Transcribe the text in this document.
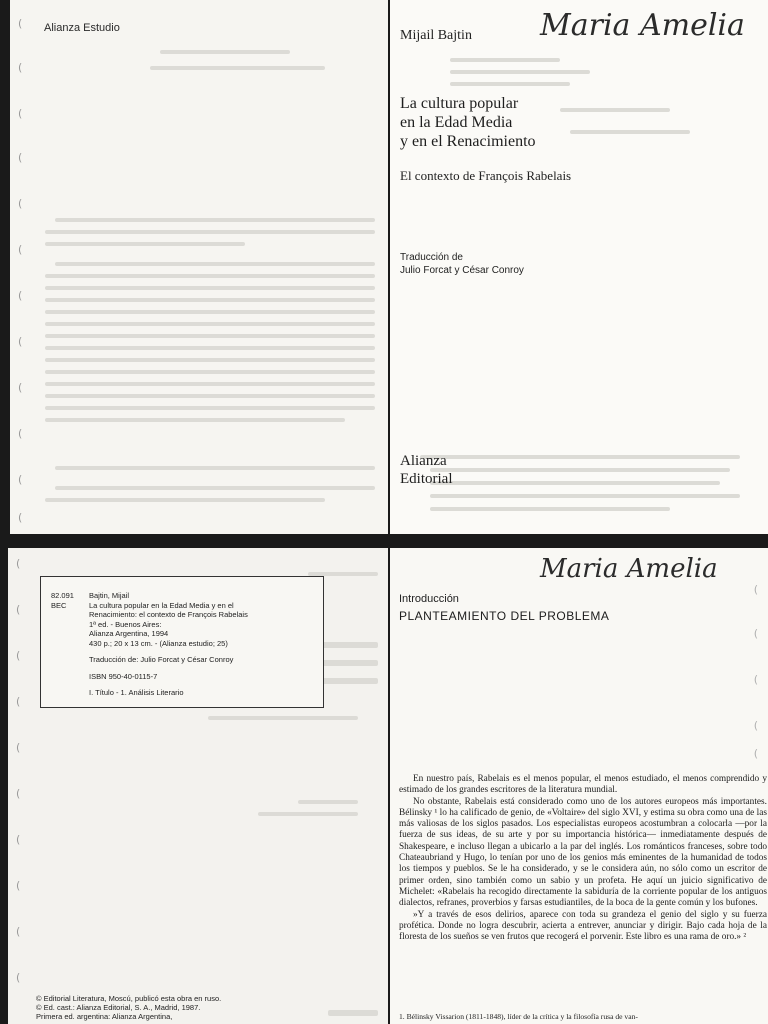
(
(
(
(
(
(
(
(
(
(
(
(
Alianza Estudio	Mijail Bajtin Maria Amelia
La cultura popular
en la Edad Media
y en el Renacimiento
El contexto de François Rabelais
Traducción de
Julio Forcat y César Conroy
Alianza
Editorial
(
(
(
(
(
(
(
(
(
(
82.091
BEC
Bajtin, Mijail
La cultura popular en la Edad Media y en el
Renacimiento: el contexto de François Rabelais
1ª ed. - Buenos Aires:
Alianza Argentina, 1994
430 p.; 20 x 13 cm. - (Alianza estudio; 25)
Traducción de: Julio Forcat y César Conroy
ISBN 950-40-0115-7
I. Título - 1. Análisis Literario
© Editorial Literatura, Moscú, publicó esta obra en ruso.
© Ed. cast.: Alianza Editorial, S. A., Madrid, 1987.
Primera ed. argentina: Alianza Argentina,
(
(
(
(
(
Maria Amelia
Introducción
PLANTEAMIENTO DEL PROBLEMA

En nuestro país, Rabelais es el menos popular, el menos estudiado, el menos comprendido y estimado de los grandes escritores de la literatura mundial.

No obstante, Rabelais está considerado como uno de los autores europeos más importantes. Bélinsky ¹ lo ha calificado de genio, de «Voltaire» del siglo XVI, y estima su obra como una de las más valiosas de los siglos pasados. Los especialistas europeos acostumbran a colocarla —por la fuerza de sus ideas, de su arte y por su importancia histórica— inmediatamente después de Shakespeare, e incluso llegan a ubicarlo a la par del inglés. Los románticos franceses, sobre todo Chateaubriand y Hugo, lo tenían por uno de los genios más eminentes de la humanidad de todos los tiempos y pueblos. Se le ha considerado, y se le considera aún, no sólo como un escritor de primer orden, sino también como un sabio y un profeta. He aquí un juicio significativo de Michelet: «Rabelais ha recogido directamente la sabiduría de la corriente popular de los antiguos dialectos, refranes, proverbios y farsas estudiantiles, de la boca de la gente común y los bufones.

»Y a través de esos delirios, aparece con toda su grandeza el genio del siglo y su fuerza profética. Donde no logra descubrir, acierta a entrever, anunciar y dirigir. Bajo cada hoja de la floresta de los sueños se ven frutos que recogerá el porvenir. Este libro es una rama de oro.» ²

1. Bélinsky Vissarion (1811-1848), líder de la crítica y la filosofía rusa de van-
